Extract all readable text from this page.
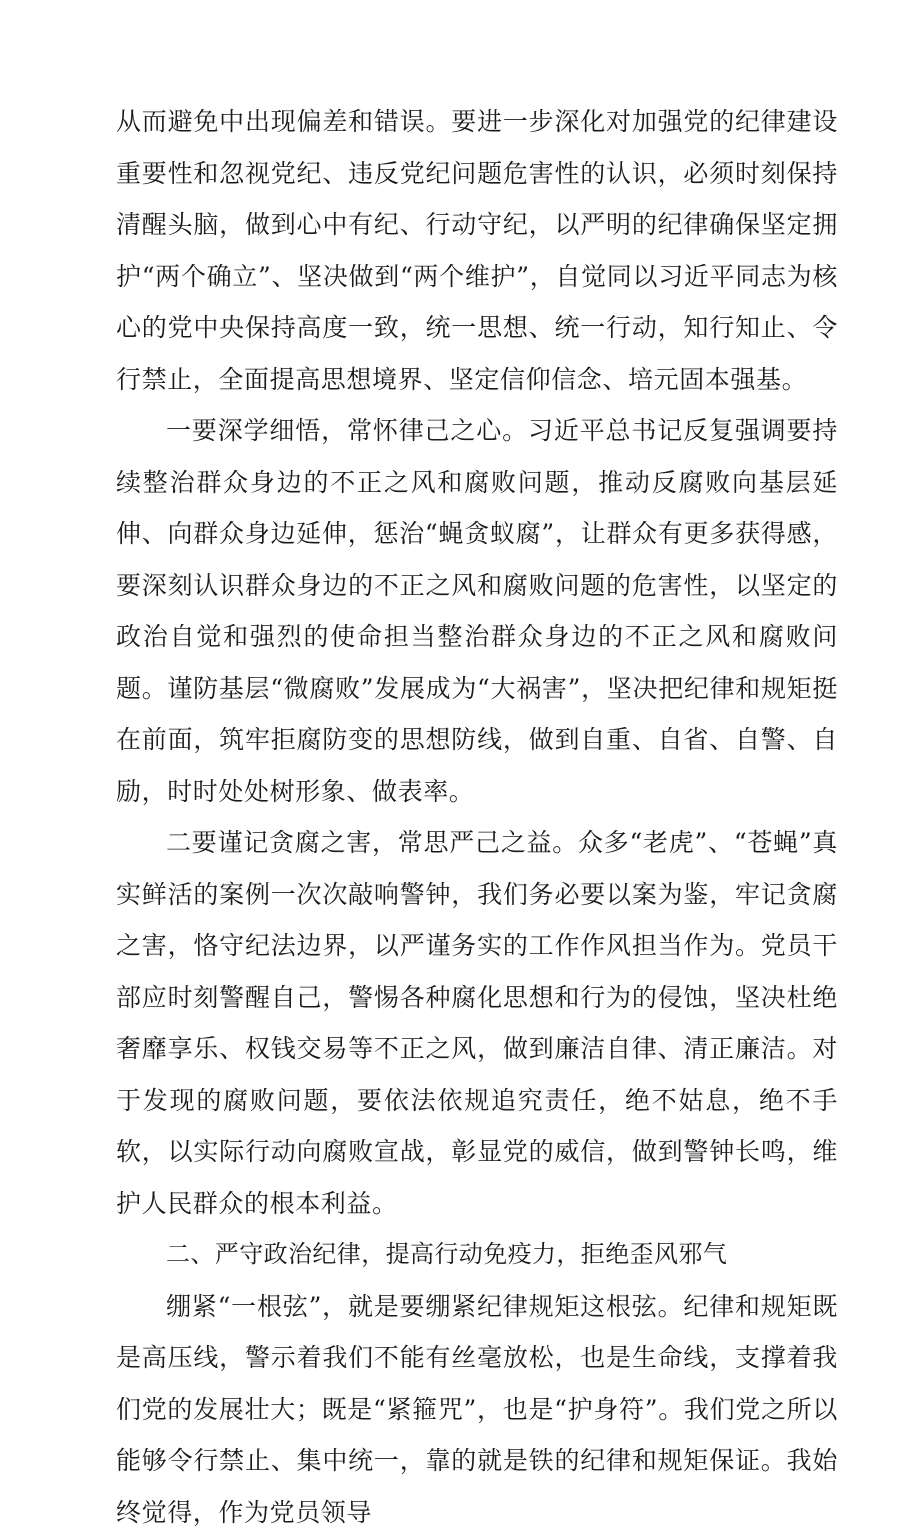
从而避免中出现偏差和错误。要进一步深化对加强党的纪律建设重要性和忽视党纪、违反党纪问题危害性的认识，必须时刻保持清醒头脑，做到心中有纪、行动守纪，以严明的纪律确保坚定拥护“两个确立”、坚决做到“两个维护”，自觉同以习近平同志为核心的党中央保持高度一致，统一思想、统一行动，知行知止、令行禁止，全面提高思想境界、坚定信仰信念、培元固本强基。

一要深学细悟，常怀律己之心。习近平总书记反复强调要持续整治群众身边的不正之风和腐败问题，推动反腐败向基层延伸、向群众身边延伸，惩治“蝇贪蚁腐”，让群众有更多获得感，要深刻认识群众身边的不正之风和腐败问题的危害性，以坚定的政治自觉和强烈的使命担当整治群众身边的不正之风和腐败问题。谨防基层“微腐败”发展成为“大祸害”，坚决把纪律和规矩挺在前面，筑牢拒腐防变的思想防线，做到自重、自省、自警、自励，时时处处树形象、做表率。

二要谨记贪腐之害，常思严己之益。众多“老虎”、“苍蝇”真实鲜活的案例一次次敲响警钟，我们务必要以案为鉴，牢记贪腐之害，恪守纪法边界，以严谨务实的工作作风担当作为。党员干部应时刻警醒自己，警惕各种腐化思想和行为的侵蚀，坚决杜绝奢靡享乐、权钱交易等不正之风，做到廉洁自律、清正廉洁。对于发现的腐败问题，要依法依规追究责任，绝不姑息，绝不手软，以实际行动向腐败宣战，彰显党的威信，做到警钟长鸣，维护人民群众的根本利益。

二、严守政治纪律，提高行动免疫力，拒绝歪风邪气

绷紧“一根弦”，就是要绷紧纪律规矩这根弦。纪律和规矩既是高压线，警示着我们不能有丝毫放松，也是生命线，支撑着我们党的发展壮大；既是“紧箍咒”，也是“护身符”。我们党之所以能够令行禁止、集中统一，靠的就是铁的纪律和规矩保证。我始终觉得，作为党员领导
